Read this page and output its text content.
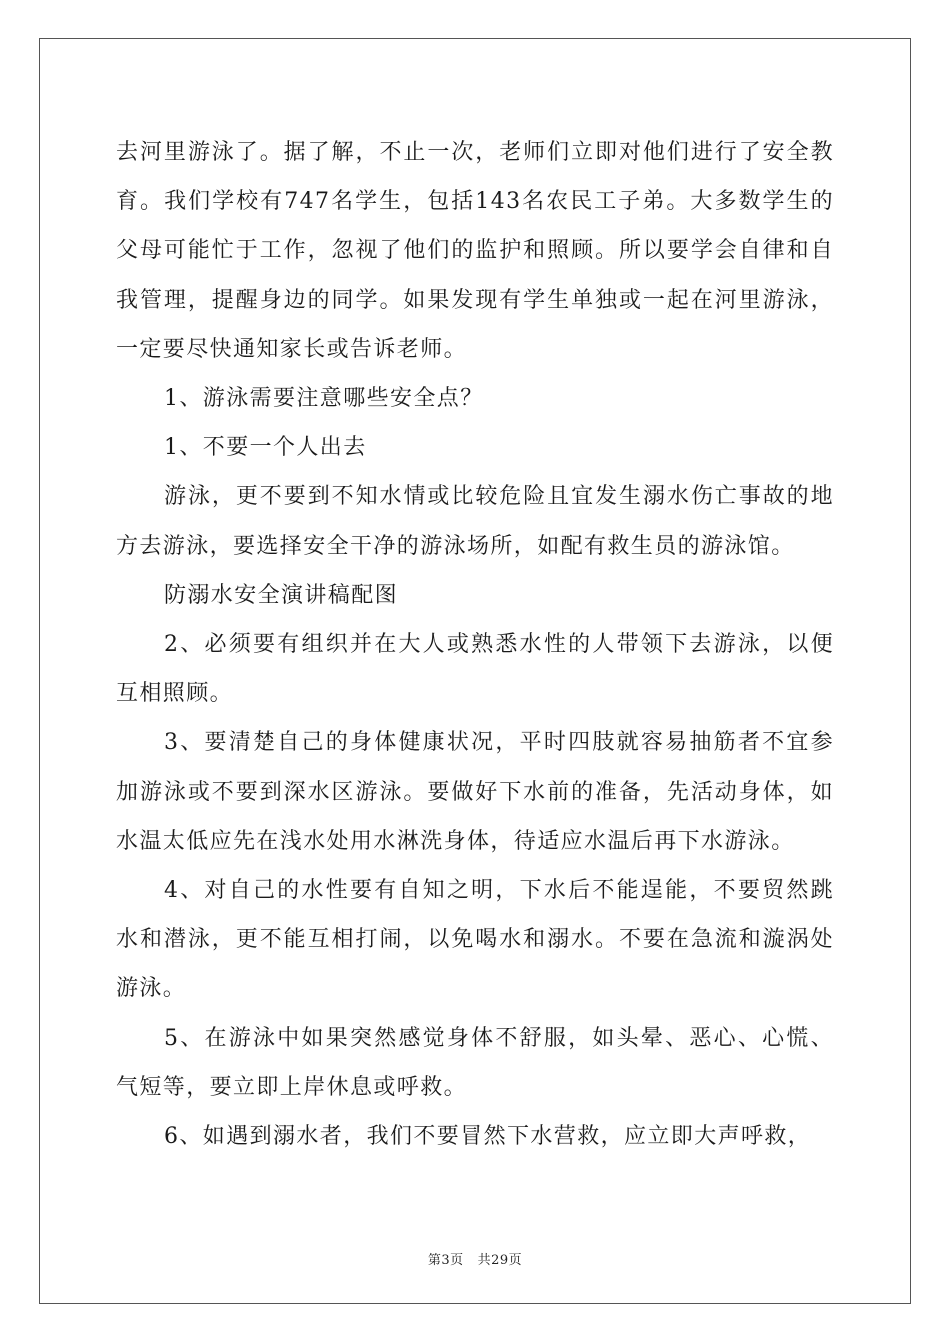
去河里游泳了。据了解，不止一次，老师们立即对他们进行了安全教育。我们学校有747名学生，包括143名农民工子弟。大多数学生的父母可能忙于工作，忽视了他们的监护和照顾。所以要学会自律和自我管理，提醒身边的同学。如果发现有学生单独或一起在河里游泳，一定要尽快通知家长或告诉老师。

1、游泳需要注意哪些安全点？

1、不要一个人出去

游泳，更不要到不知水情或比较危险且宜发生溺水伤亡事故的地方去游泳，要选择安全干净的游泳场所，如配有救生员的游泳馆。

防溺水安全演讲稿配图

2、必须要有组织并在大人或熟悉水性的人带领下去游泳，以便互相照顾。

3、要清楚自己的身体健康状况，平时四肢就容易抽筋者不宜参加游泳或不要到深水区游泳。要做好下水前的准备，先活动身体，如水温太低应先在浅水处用水淋洗身体，待适应水温后再下水游泳。

4、对自己的水性要有自知之明，下水后不能逞能，不要贸然跳水和潜泳，更不能互相打闹，以免喝水和溺水。不要在急流和漩涡处游泳。

5、在游泳中如果突然感觉身体不舒服，如头晕、恶心、心慌、气短等，要立即上岸休息或呼救。

6、如遇到溺水者，我们不要冒然下水营救，应立即大声呼救，

第3页 共29页
